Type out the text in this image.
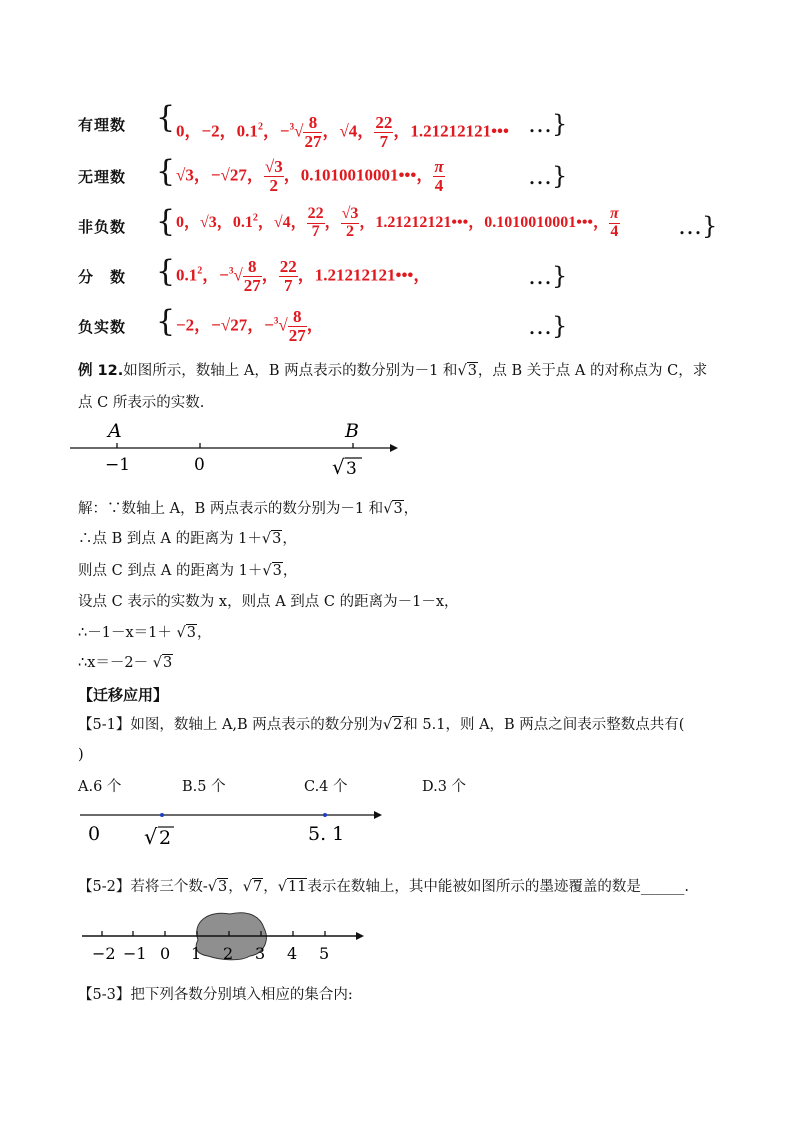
有理数 { 0，−2，$0.1^2$，$-^3√ \frac{8}{27}$ ，√4， $\frac{22}{7}$ ，1.21212121••• …}
无理数 { √3，−√27， $\frac{√3}{2}$ ，0.1010010001•••， $\frac{\pi}{4}$	…}
非负数 { 0，√3，$0.1^2$，√4， $\frac{22}{7}$ ， $\frac{√3}{2}$ ，1.21212121•••，0.1010010001•••， $\frac{\pi}{4}$ …}
分　数 { $0.1^2$，$-^3√ \frac{8}{27}$ ， $\frac{22}{7}$ ，1.21212121•••，	…}
负实数 { −2，−√27，$-^3√ \frac{8}{27}$ ，	…}
例 12.如图所示，数轴上 A，B 两点表示的数分别为－1 和√3，点 B 关于点 A 的对称点为 C，求
点 C 所表示的实数.
A	B
−1	0	√ 3
解：∵数轴上 A，B 两点表示的数分别为－1 和√3，
∴点 B 到点 A 的距离为 1＋√3，
则点 C 到点 A 的距离为 1＋√3，
设点 C 表示的实数为 x，则点 A 到点 C 的距离为－1－x，
∴－1－x＝1＋ √3，
∴x＝－2－ √3
【迁移应用】
【5-1】如图，数轴上 A,B 两点表示的数分别为√2和 5.1，则 A，B 两点之间表示整数点共有(
)
A.6 个	B.5 个	C.4 个	D.3 个
0 √ 2	5. 1
【5-2】若将三个数-√3，√7，√11表示在数轴上，其中能被如图所示的墨迹覆盖的数是______.
−2 −1 0 1 2 3 4 5
【5-3】把下列各数分别填入相应的集合内:
